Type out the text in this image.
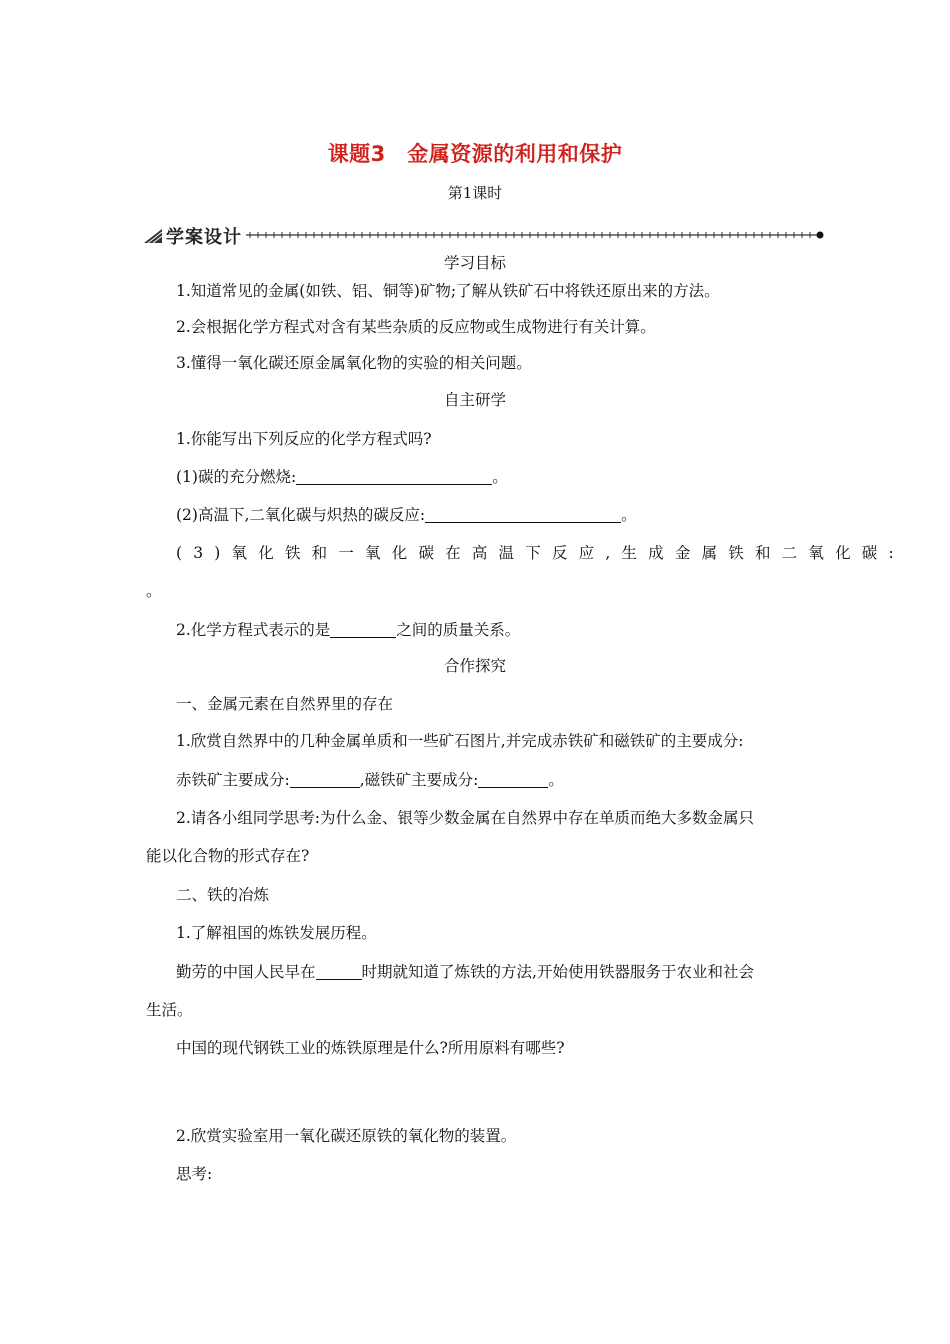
课题3　金属资源的利用和保护
第1课时
学案设计
学习目标
1.知道常见的金属(如铁、铝、铜等)矿物;了解从铁矿石中将铁还原出来的方法。
2.会根据化学方程式对含有某些杂质的反应物或生成物进行有关计算。
3.懂得一氧化碳还原金属氧化物的实验的相关问题。
自主研学
1.你能写出下列反应的化学方程式吗?
(1)碳的充分燃烧:	。
(2)高温下,二氧化碳与炽热的碳反应:	。
(3)氧化铁和一氧化碳在高温下反应,生成金属铁和二氧化碳:
。
2.化学方程式表示的是	之间的质量关系。
合作探究
一、金属元素在自然界里的存在
1.欣赏自然界中的几种金属单质和一些矿石图片,并完成赤铁矿和磁铁矿的主要成分:
赤铁矿主要成分:	,磁铁矿主要成分:	。
2.请各小组同学思考:为什么金、银等少数金属在自然界中存在单质而绝大多数金属只
能以化合物的形式存在?
二、铁的冶炼
1.了解祖国的炼铁发展历程。
勤劳的中国人民早在	时期就知道了炼铁的方法,开始使用铁器服务于农业和社会
生活。
中国的现代钢铁工业的炼铁原理是什么?所用原料有哪些?
2.欣赏实验室用一氧化碳还原铁的氧化物的装置。
思考:
